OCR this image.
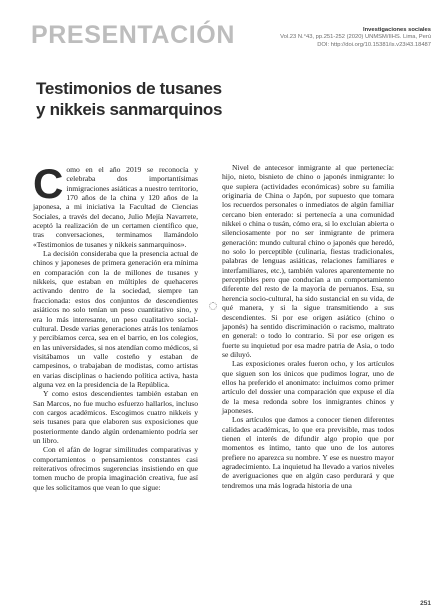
PRESENTACIÓN	Investigaciones sociales
Vol.23 N.°43, pp.251-252 (2020) UNMSM/IIHS. Lima, Perú
DOI: http://doi.org/10.15381/is.v23i43.18487
Testimonios de tusanes
y nikkeis sanmarquinos

Como en el año 2019 se reconocía y celebraba dos importantísimas inmigraciones asiáticas a nuestro territorio, 170 años de la china y 120 años de la japonesa, a mi iniciativa la Facultad de Ciencias Sociales, a través del decano, Julio Mejía Navarrete, aceptó la realización de un certamen científico que, tras conversaciones, terminamos llamándolo «Testimonios de tusanes y nikkeis sanmarquinos».

La decisión consideraba que la presencia actual de chinos y japoneses de primera generación era mínima en comparación con la de millones de tusanes y nikkeis, que estaban en múltiples de quehaceres activando dentro de la sociedad, siempre tan fraccionada: estos dos conjuntos de descendientes asiáticos no solo tenían un peso cuantitativo sino, y era lo más interesante, un peso cualitativo social-cultural. Desde varias generaciones atrás los teníamos y percibíamos cerca, sea en el barrio, en los colegios, en las universidades, si nos atendían como médicos, si visitábamos un valle costeño y estaban de campesinos, o trabajaban de modistas, como artistas en varias disciplinas o haciendo política activa, hasta alguna vez en la presidencia de la República.

Y como estos descendientes también estaban en San Marcos, no fue mucho esfuerzo hallarlos, incluso con cargos académicos. Escogimos cuatro nikkeis y seis tusanes para que elaboren sus exposiciones que posteriormente dando algún ordenamiento podría ser un libro.

Con el afán de lograr similitudes comparativas y comportamientos o pensamientos constantes casi reiterativos ofrecimos sugerencias insistiendo en que tomen mucho de propia imaginación creativa, fue así que les solicitamos que vean lo que sigue:

Nivel de antecesor inmigrante al que pertenecía: hijo, nieto, bisnieto de chino o japonés inmigrante: lo que supiera (actividades económicas) sobre su familia originaria de China o Japón, por supuesto que tomara los recuerdos personales o inmediatos de algún familiar cercano bien enterado: si pertenecía a una comunidad nikkei o china o tusán, cómo era, si lo excluían abierta o silenciosamente por no ser inmigrante de primera generación: mundo cultural chino o japonés que heredó, no solo lo perceptible (culinaria, fiestas tradicionales, palabras de lenguas asiáticas, relaciones familiares e interfamiliares, etc.), también valores aparentemente no perceptibles pero que conducían a un comportamiento diferente del resto de la mayoría de peruanos. Esa, su herencia socio-cultural, ha sido sustancial en su vida, de qué manera, y si la sigue transmitiendo a sus descendientes. Si por ese origen asiático (chino o japonés) ha sentido discriminación o racismo, maltrato en general: o todo lo contrario. Si por ese origen es fuerte su inquietud por esa madre patria de Asia, o todo se diluyó.

Las exposiciones orales fueron ocho, y los artículos que siguen son los únicos que pudimos lograr, uno de ellos ha preferido el anonimato: incluimos como primer artículo del dossier una comparación que expuse el día de la mesa redonda sobre los inmigrantes chinos y japoneses.

Los artículos que damos a conocer tienen diferentes calidades académicas, lo que era previsible, mas todos tienen el interés de difundir algo propio que por momentos es íntimo, tanto que uno de los autores prefiere no aparezca su nombre. Y ese es nuestro mayor agradecimiento. La inquietud ha llevado a varios niveles de averiguaciones que en algún caso perdurará y que tendremos una más lograda historia de una

251
